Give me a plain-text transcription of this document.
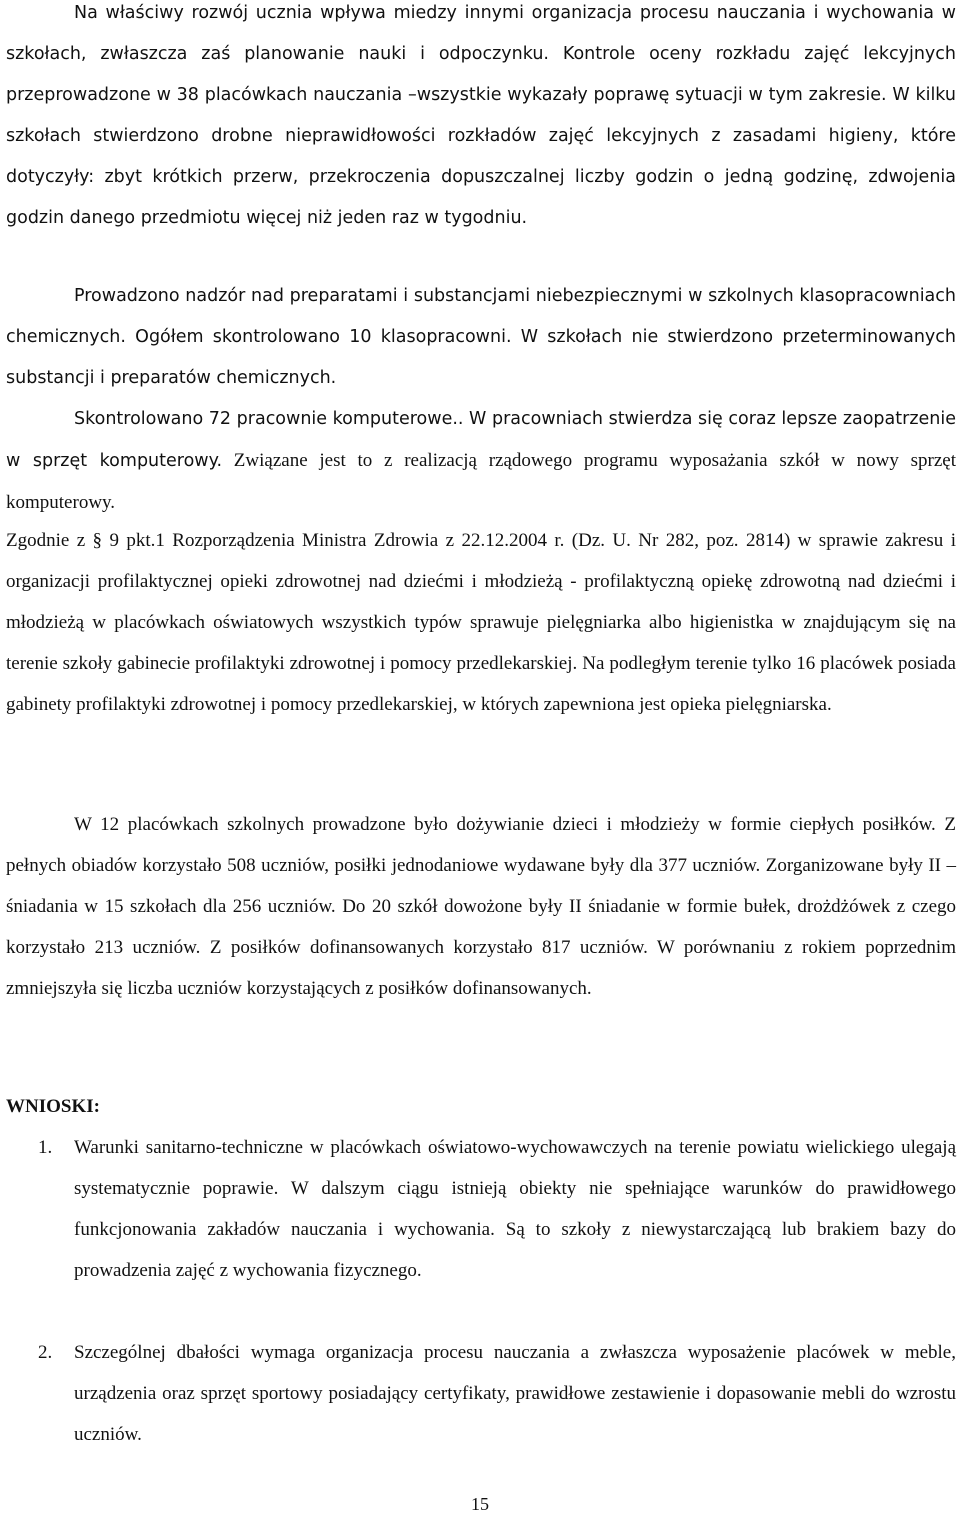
Na właściwy rozwój ucznia wpływa miedzy innymi organizacja procesu nauczania i wychowania w szkołach, zwłaszcza zaś planowanie nauki i odpoczynku. Kontrole oceny rozkładu zajęć lekcyjnych przeprowadzone w 38 placówkach nauczania –wszystkie wykazały poprawę sytuacji w tym zakresie. W kilku szkołach stwierdzono drobne nieprawidłowości rozkładów zajęć lekcyjnych z zasadami higieny, które dotyczyły: zbyt krótkich przerw, przekroczenia dopuszczalnej liczby godzin o jedną godzinę, zdwojenia godzin danego przedmiotu więcej niż jeden raz w tygodniu.

Prowadzono nadzór nad preparatami i substancjami niebezpiecznymi w szkolnych klasopracowniach chemicznych. Ogółem skontrolowano 10 klasopracowni. W szkołach nie stwierdzono przeterminowanych substancji i preparatów chemicznych.

Skontrolowano 72 pracownie komputerowe.. W pracowniach stwierdza się coraz lepsze zaopatrzenie w sprzęt komputerowy. Związane jest to z realizacją rządowego programu wyposażania szkół w nowy sprzęt komputerowy.

Zgodnie z § 9 pkt.1 Rozporządzenia Ministra Zdrowia z 22.12.2004 r. (Dz. U. Nr 282, poz. 2814) w sprawie zakresu i organizacji profilaktycznej opieki zdrowotnej nad dziećmi i młodzieżą - profilaktyczną opiekę zdrowotną nad dziećmi i młodzieżą w placówkach oświatowych wszystkich typów sprawuje pielęgniarka albo higienistka w znajdującym się na terenie szkoły gabinecie profilaktyki zdrowotnej i pomocy przedlekarskiej. Na podległym terenie tylko 16 placówek posiada gabinety profilaktyki zdrowotnej i pomocy przedlekarskiej, w których zapewniona jest opieka pielęgniarska.

W 12 placówkach szkolnych prowadzone było dożywianie dzieci i młodzieży w formie ciepłych posiłków. Z pełnych obiadów korzystało 508 uczniów, posiłki jednodaniowe wydawane były dla 377 uczniów. Zorganizowane były II – śniadania w 15 szkołach dla 256 uczniów. Do 20 szkół dowożone były II śniadanie w formie bułek, drożdżówek z czego korzystało 213 uczniów. Z posiłków dofinansowanych korzystało 817 uczniów. W porównaniu z rokiem poprzednim zmniejszyła się liczba uczniów korzystających z posiłków dofinansowanych.

WNIOSKI:
1. Warunki sanitarno-techniczne w placówkach oświatowo-wychowawczych na terenie powiatu wielickiego ulegają systematycznie poprawie. W dalszym ciągu istnieją obiekty nie spełniające warunków do prawidłowego funkcjonowania zakładów nauczania i wychowania. Są to szkoły z niewystarczającą lub brakiem bazy do prowadzenia zajęć z wychowania fizycznego.
2. Szczególnej dbałości wymaga organizacja procesu nauczania a zwłaszcza wyposażenie placówek w meble, urządzenia oraz sprzęt sportowy posiadający certyfikaty, prawidłowe zestawienie i dopasowanie mebli do wzrostu uczniów.
15
